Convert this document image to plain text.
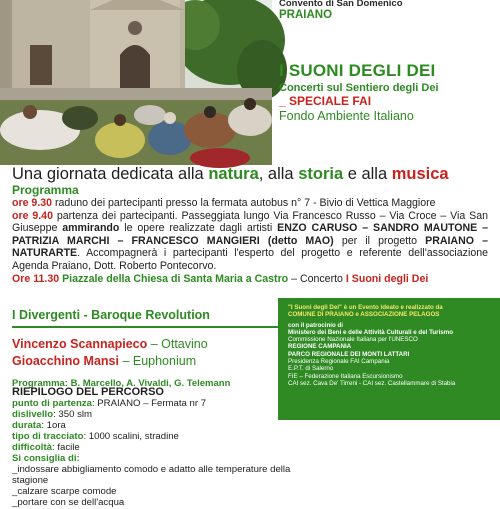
Convento di San Domenico
PRAIANO
I SUONI DEGLI DEI
Concerti sul Sentiero degli Dei
_ SPECIALE FAI
Fondo Ambiente Italiano
Una giornata dedicata alla natura, alla storia e alla musica
Programma

ore 9.30 raduno dei partecipanti presso la fermata autobus n° 7 - Bivio di Vettica Maggiore

ore 9.40 partenza dei partecipanti. Passeggiata lungo Via Francesco Russo – Via Croce – Via San Giuseppe ammirando le opere realizzate dagli artisti ENZO CARUSO – SANDRO MAUTONE – PATRIZIA MARCHI – FRANCESCO MANGIERI (detto MAO) per il progetto PRAIANO – NATURARTE. Accompagnerà i partecipanti l'esperto del progetto e referente dell'associazione Agenda Praiano, Dott. Roberto Pontecorvo.

Ore 11.30 Piazzale della Chiesa di Santa Maria a Castro – Concerto I Suoni degli Dei

I Divergenti - Baroque Revolution
Vincenzo Scannapieco – Ottavino
Gioacchino Mansi – Euphonium
Programma: B. Marcello, A. Vivaldi, G. Telemann
RIEPILOGO DEL PERCORSO
punto di partenza: PRAIANO – Fermata nr 7
dislivello: 350 slm
durata: 1ora
tipo di tracciato: 1000 scalini, stradine
difficoltà: facile
Si consiglia di:
_indossare abbigliamento comodo e adatto alle temperature della stagione
_calzare scarpe comode
_portare con se dell'acqua
"I Suoni degli Dei" è un Evento ideato e realizzato da
COMUNE DI PRAIANO e ASSOCIAZIONE PELAGOS
con il patrocinio di
Ministero dei Beni e delle Attività Culturali e del Turismo
Commissione Nazionale Italiana per l'UNESCO
REGIONE CAMPANIA
PARCO REGIONALE DEI MONTI LATTARI
Presidenza Regionale FAI Campania
E.P.T. di Salerno
FIE – Federazione Italiana Escursionismo
CAI sez. Cava De' Tirreni - CAI sez. Castellammare di Stabia
